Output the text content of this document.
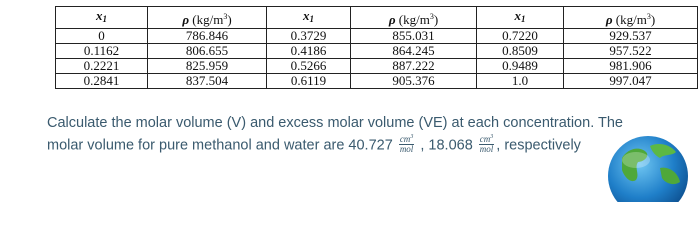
$x_1$	ρ $(kg/m^3)$	$x_1$	ρ $(kg/m^3)$	$x_1$	ρ $(kg/m^3)$
0	786.846	0.3729	855.031	0.7220	929.537
0.1162	806.655	0.4186	864.245	0.8509	957.522
0.2221	825.959	0.5266	887.222	0.9489	981.906
0.2841	837.504	0.6119	905.376	1.0	997.047
Calculate the molar volume (V) and excess molar volume (VE) at each concentration. The
molar volume for pure methanol and water are $40.727 \frac{cm^3}{\text{mol}}$ , $18.068 \frac{cm^3}{\text{mol}}$ , respectively
